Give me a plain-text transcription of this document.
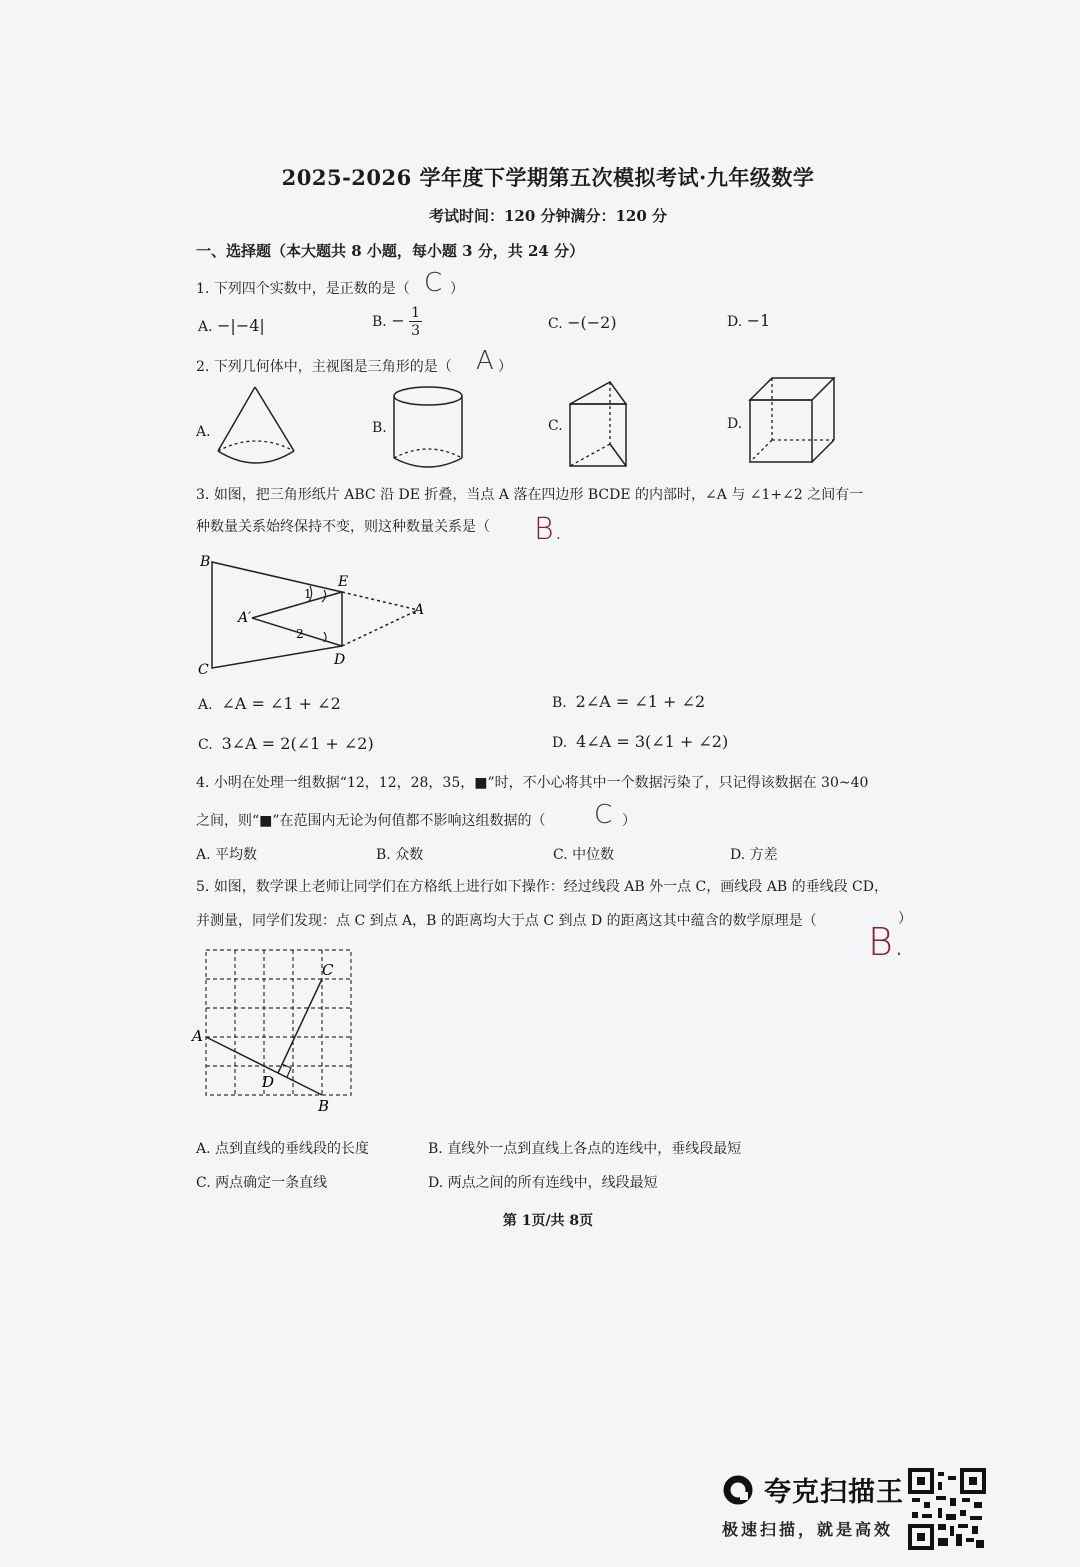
2025-2026 学年度下学期第五次模拟考试·九年级数学
考试时间：120 分钟满分：120 分
一、选择题（本大题共 8 小题，每小题 3 分，共 24 分）
1. 下列四个实数中，是正数的是（ C ）
A. −|−4|	B. − $\frac{1}{3}$	C. −(−2)	D. −1
2. 下列几何体中，主视图是三角形的是（ A ）
A.	B.	C.	D.
3. 如图，把三角形纸片 ABC 沿 DE 折叠，当点 A 落在四边形 BCDE 的内部时，∠A 与 ∠1+∠2 之间有一
种数量关系始终保持不变，则这种数量关系是（ B.
B
C
E
D
A
A′
1
2
A. ∠A = ∠1 + ∠2	B. 2∠A = ∠1 + ∠2
C. 3∠A = 2(∠1 + ∠2)	D. 4∠A = 3(∠1 + ∠2)
4. 小明在处理一组数据“12，12，28，35，■”时，不小心将其中一个数据污染了，只记得该数据在 30~40
之间，则“■”在范围内无论为何值都不影响这组数据的（ C ）
A. 平均数	B. 众数	C. 中位数	D. 方差
5. 如图，数学课上老师让同学们在方格纸上进行如下操作：经过线段 AB 外一点 C，画线段 AB 的垂线段 CD，
并测量，同学们发现：点 C 到点 A，B 的距离均大于点 C 到点 D 的距离这其中蕴含的数学原理是（	）
B.
A
B
C
D
A. 点到直线的垂线段的长度	B. 直线外一点到直线上各点的连线中，垂线段最短
C. 两点确定一条直线	D. 两点之间的所有连线中，线段最短
第 1页/共 8页
夸克扫描王
极速扫描，就是高效
